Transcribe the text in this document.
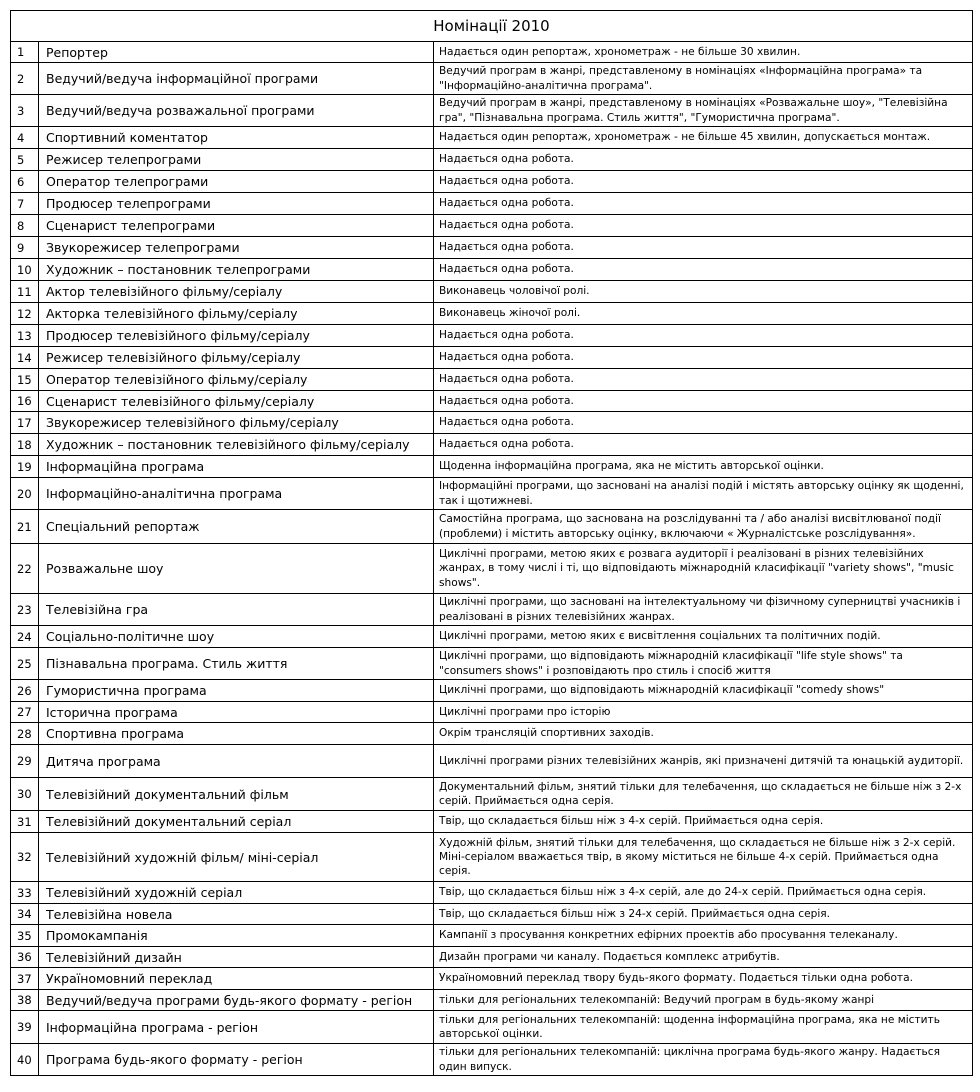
Номінації 2010		
1	Репортер	Надається один репортаж, хронометраж - не більше 30 хвилин.
2	Ведучий/ведуча інформаційної програми	Ведучий програм в жанрі, представленому в номінаціях «Інформаційна програма» та "Інформаційно-аналітична програма".
3	Ведучий/ведуча розважальної програми	Ведучий програм в жанрі, представленому в номінаціях «Розважальне шоу», "Телевізійна гра", "Пізнавальна програма. Стиль життя", "Гумористична програма".
4	Спортивний коментатор	Надається один репортаж, хронометраж - не більше 45 хвилин, допускається монтаж.
5	Режисер телепрограми	Надається одна робота.
6	Оператор телепрограми	Надається одна робота.
7	Продюсер телепрограми	Надається одна робота.
8	Сценарист телепрограми	Надається одна робота.
9	Звукорежисер телепрограми	Надається одна робота.
10	Художник – постановник телепрограми	Надається одна робота.
11	Актор телевізійного фільму/серіалу	Виконавець чоловічої ролі.
12	Акторка телевізійного фільму/серіалу	Виконавець жіночої ролі.
13	Продюсер телевізійного фільму/серіалу	Надається одна робота.
14	Режисер телевізійного фільму/серіалу	Надається одна робота.
15	Оператор телевізійного фільму/серіалу	Надається одна робота.
16	Сценарист телевізійного фільму/серіалу	Надається одна робота.
17	Звукорежисер телевізійного фільму/серіалу	Надається одна робота.
18	Художник – постановник телевізійного фільму/серіалу	Надається одна робота.
19	Інформаційна програма	Щоденна інформаційна програма, яка не містить авторської оцінки.
20	Інформаційно-аналітична програма	Інформаційні програми, що засновані на аналізі подій і містять авторську оцінку як щоденні, так і щотижневі.
21	Спеціальний репортаж	Самостійна програма, що заснована на розслідуванні та / або аналізі висвітлюваної події (проблеми) і містить авторську оцінку, включаючи « Журналістське розслідування».
22	Розважальне шоу	Циклічні програми, метою яких є розвага аудиторії і реалізовані в різних телевізійних жанрах, в тому числі і ті, що відповідають міжнародній класифікації "variety shows", "music shows".
23	Телевізійна гра	Циклічні програми, що засновані на інтелектуальному чи фізичному суперництві учасників і реалізовані в різних телевізійних жанрах.
24	Соціально-політичне шоу	Циклічні програми, метою яких є висвітлення соціальних та політичних подій.
25	Пізнавальна програма. Стиль життя	Циклічні програми, що відповідають міжнародній класифікації "life style shows" та "consumers shows" і розповідають про стиль і спосіб життя
26	Гумористична програма	Циклічні програми, що відповідають міжнародній класифікації "comedy shows"
27	Історична програма	Циклічні програми про історію
28	Спортивна програма	Окрім трансляцій спортивних заходів.
29	Дитяча програма	Циклічні програми різних телевізійних жанрів, які призначені дитячій та юнацькій аудиторії.
30	Телевізійний документальний фільм	Документальний фільм, знятий тільки для телебачення, що складається не більше ніж з 2-х серій. Приймається одна серія.
31	Телевізійний документальний серіал	Твір, що складається більш ніж з 4-х серій. Приймається одна серія.
32	Телевізійний художній фільм/ міні-серіал	Художній фільм, знятий тільки для телебачення, що складається не більше ніж з 2-х серій. Міні-серіалом вважається твір, в якому міститься не більше 4-х серій. Приймається одна серія.
33	Телевізійний художній серіал	Твір, що складається більш ніж з 4-х серій, але до 24-х серій. Приймається одна серія.
34	Телевізійна новела	Твір, що складається більш ніж з 24-х серій. Приймається одна серія.
35	Промокампанія	Кампанії з просування конкретних ефірних проектів або просування телеканалу.
36	Телевізійний дизайн	Дизайн програми чи каналу. Подається комплекс атрибутів.
37	Україномовний переклад	Україномовний переклад твору будь-якого формату. Подається тільки одна робота.
38	Ведучий/ведуча програми будь-якого формату - регіон	тільки для регіональних телекомпаній: Ведучий програм в будь-якому жанрі
39	Інформаційна програма - регіон	тільки для регіональних телекомпаній: щоденна інформаційна програма, яка не містить авторської оцінки.
40	Програма будь-якого формату - регіон	тільки для регіональних телекомпаній: циклічна програма будь-якого жанру. Надається один випуск.
